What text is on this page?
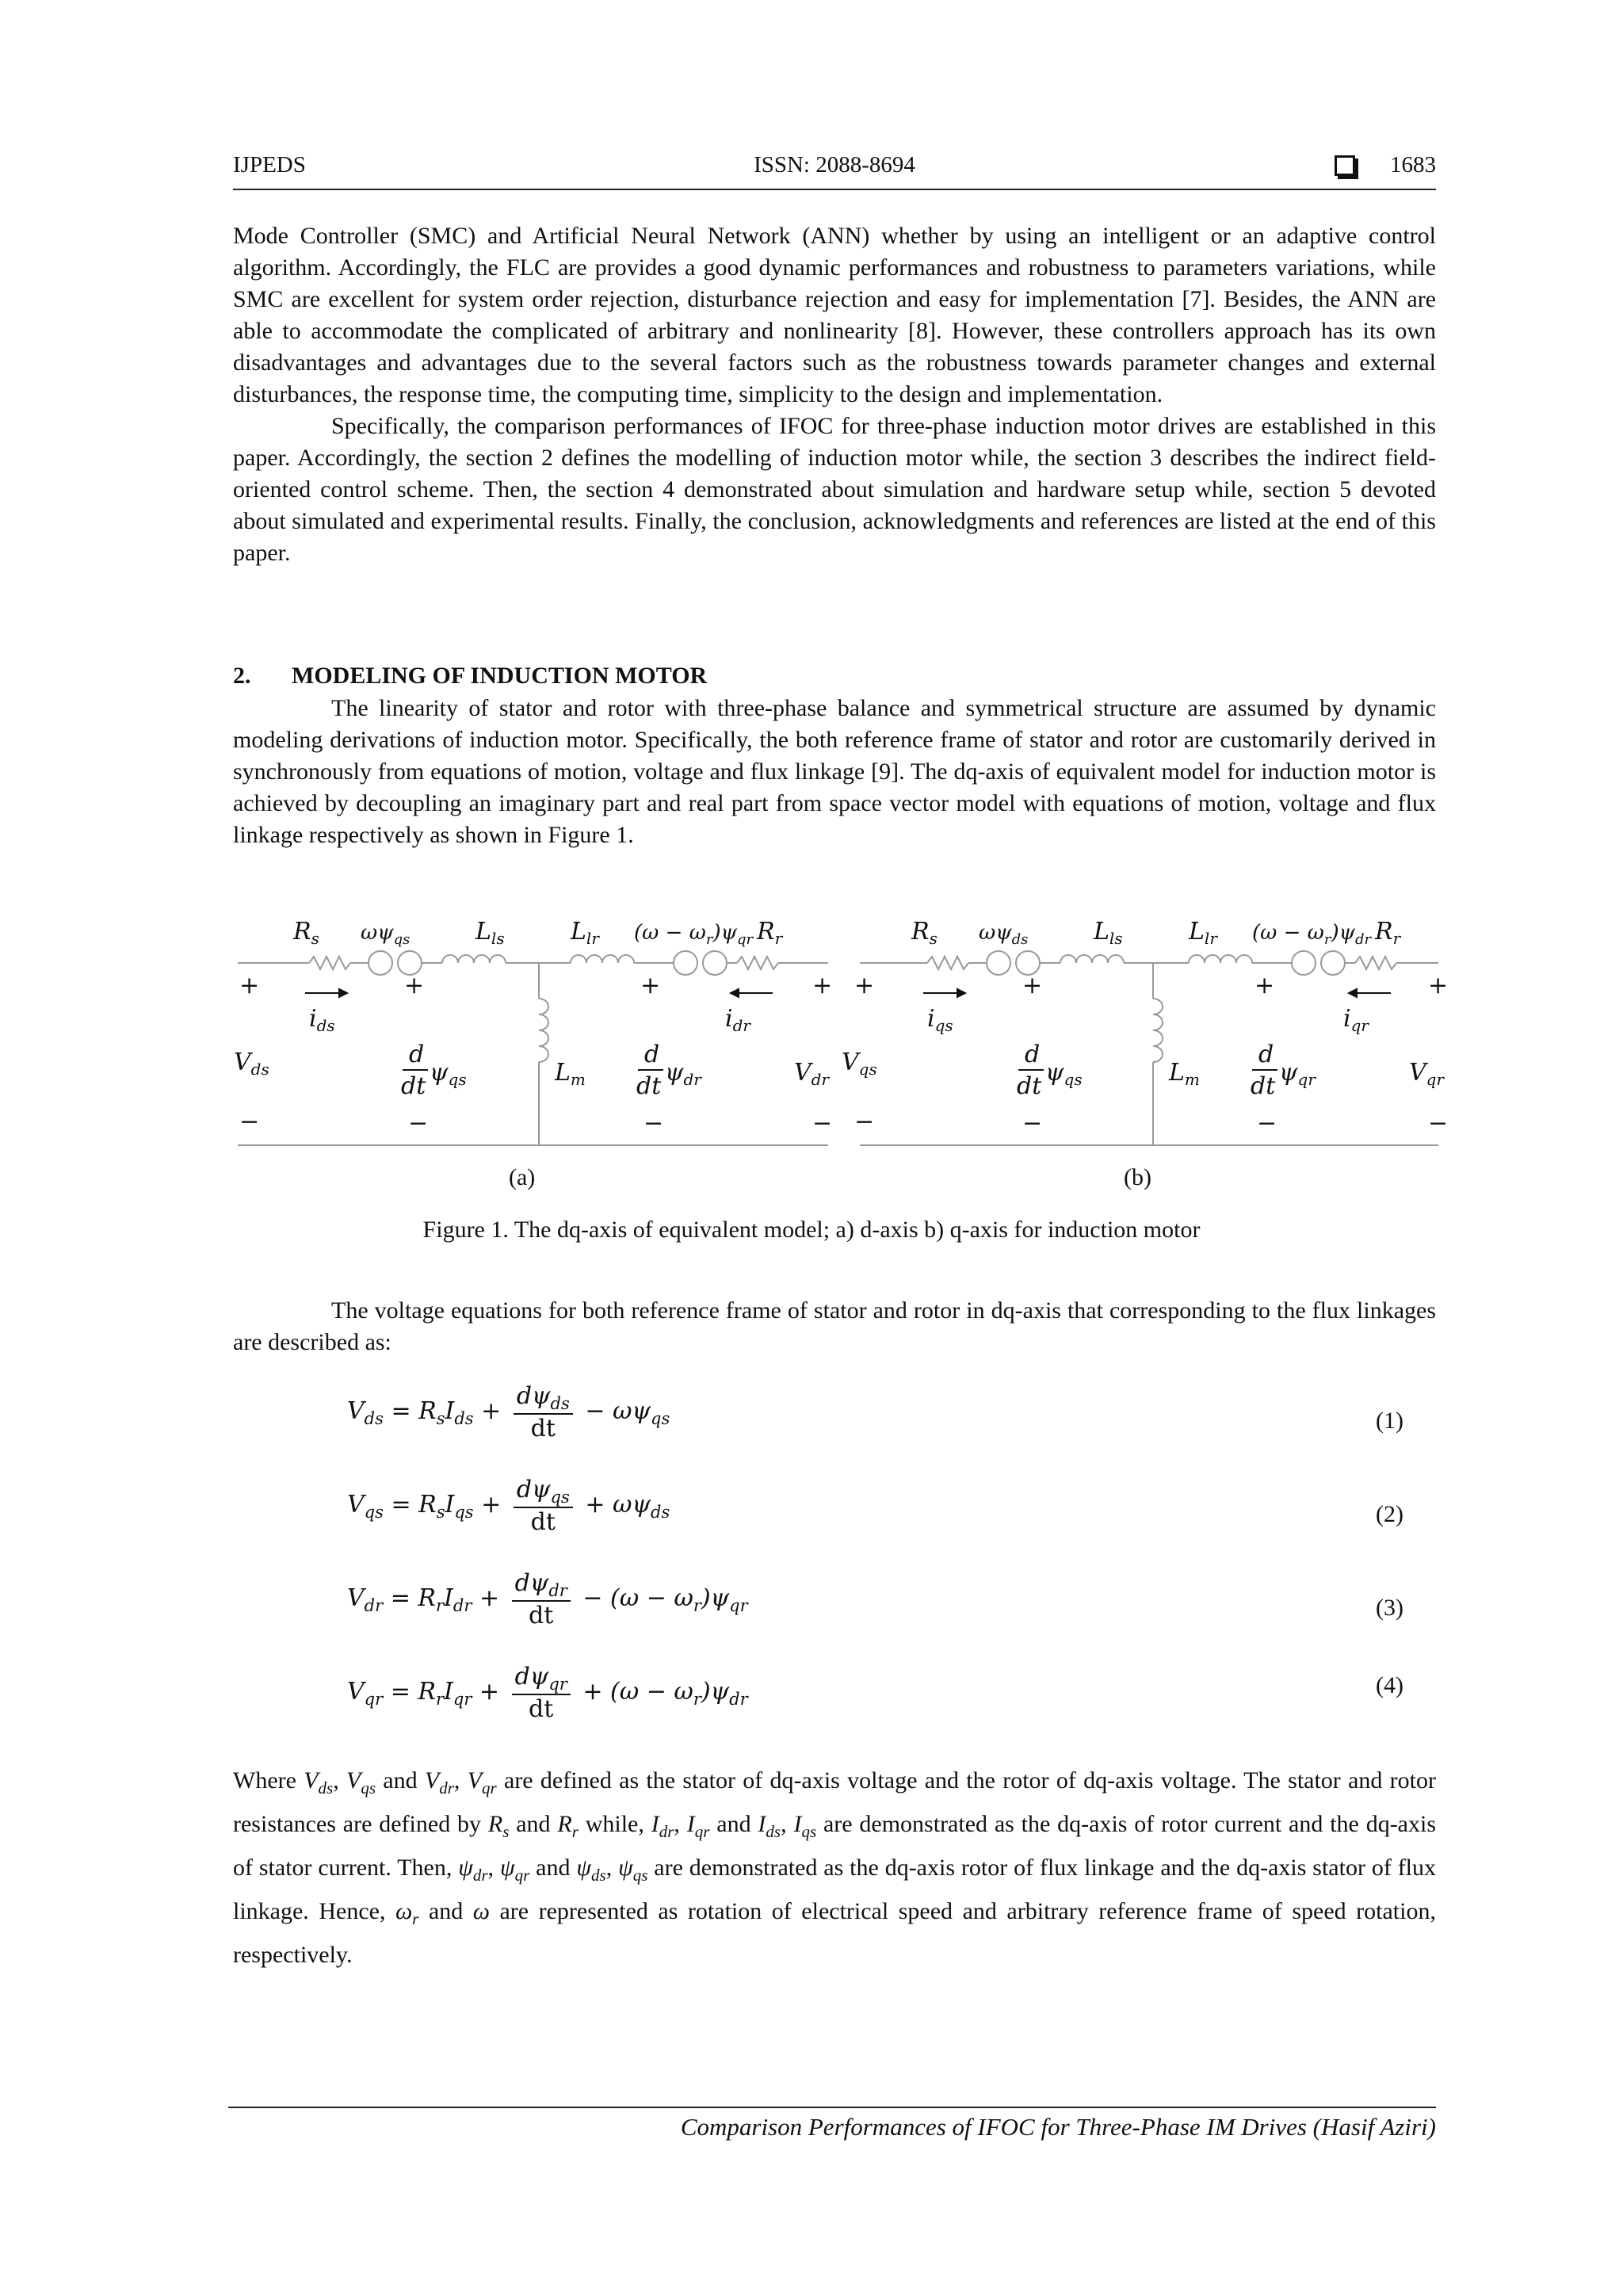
IJPEDS	ISSN: 2088-8694	1683

Mode Controller (SMC) and Artificial Neural Network (ANN) whether by using an intelligent or an adaptive control algorithm. Accordingly, the FLC are provides a good dynamic performances and robustness to parameters variations, while SMC are excellent for system order rejection, disturbance rejection and easy for implementation [7]. Besides, the ANN are able to accommodate the complicated of arbitrary and nonlinearity [8]. However, these controllers approach has its own disadvantages and advantages due to the several factors such as the robustness towards parameter changes and external disturbances, the response time, the computing time, simplicity to the design and implementation.

Specifically, the comparison performances of IFOC for three-phase induction motor drives are established in this paper. Accordingly, the section 2 defines the modelling of induction motor while, the section 3 describes the indirect field-oriented control scheme. Then, the section 4 demonstrated about simulation and hardware setup while, section 5 devoted about simulated and experimental results. Finally, the conclusion, acknowledgments and references are listed at the end of this paper.

2. MODELING OF INDUCTION MOTOR

The linearity of stator and rotor with three-phase balance and symmetrical structure are assumed by dynamic modeling derivations of induction motor. Specifically, the both reference frame of stator and rotor are customarily derived in synchronously from equations of motion, voltage and flux linkage [9]. The dq-axis of equivalent model for induction motor is achieved by decoupling an imaginary part and real part from space vector model with equations of motion, voltage and flux linkage respectively as shown in Figure 1.

$R_s$ $\omega\psi_{qs}$	$L_{ls}$	$L_{lr}$ $(\omega - \omega_r)\psi_{qr}$ $R_r$
+	+	+	+
$i_{ds}$	$i_{dr}$
$V_{ds}$
d
dt $\psi_{qs}$	$L_m$
d
dt $\psi_{dr}$	$V_{dr}$
−	−	−	−
(a)
$R_s$ $\omega\psi_{ds}$	$L_{ls}$	$L_{lr}$ $(\omega - \omega_r)\psi_{dr}$ $R_r$
+	+	+	+
$i_{qs}$	$i_{qr}$
$V_{qs}$
d
dt $\psi_{qs}$	$L_m$
d
dt $\psi_{qr}$	$V_{qr}$
−	−	−	−
(b)
Figure 1. The dq-axis of equivalent model; a) d-axis b) q-axis for induction motor

The voltage equations for both reference frame of stator and rotor in dq-axis that corresponding to the flux linkages are described as:

$V_{ds} = R_sI_{ds} + \frac{d\psi_{ds}}{dt} - \omega\psi_{qs}$	(1)
$V_{qs} = R_sI_{qs} + \frac{d\psi_{qs}}{dt} + \omega\psi_{ds}$	(2)
$V_{dr} = R_rI_{dr} + \frac{d\psi_{dr}}{dt} - (\omega - \omega_r)\psi_{qr}$	(3)
$V_{qr} = R_rI_{qr} + \frac{d\psi_{qr}}{dt} + (\omega - \omega_r)\psi_{dr}$
(4)

Where $V_{ds}$, $V_{qs}$ and $V_{dr}$, $V_{qr}$ are defined as the stator of dq-axis voltage and the rotor of dq-axis voltage. The stator and rotor resistances are defined by $R_s$ and $R_r$ while, $I_{dr}$, $I_{qr}$ and $I_{ds}$, $I_{qs}$ are demonstrated as the dq-axis of rotor current and the dq-axis of stator current. Then, $\psi_{dr}$, $\psi_{qr}$ and $\psi_{ds}$, $\psi_{qs}$ are demonstrated as the dq-axis rotor of flux linkage and the dq-axis stator of flux linkage. Hence, $\omega_r$ and ω are represented as rotation of electrical speed and arbitrary reference frame of speed rotation, respectively.

Comparison Performances of IFOC for Three-Phase IM Drives (Hasif Aziri)
